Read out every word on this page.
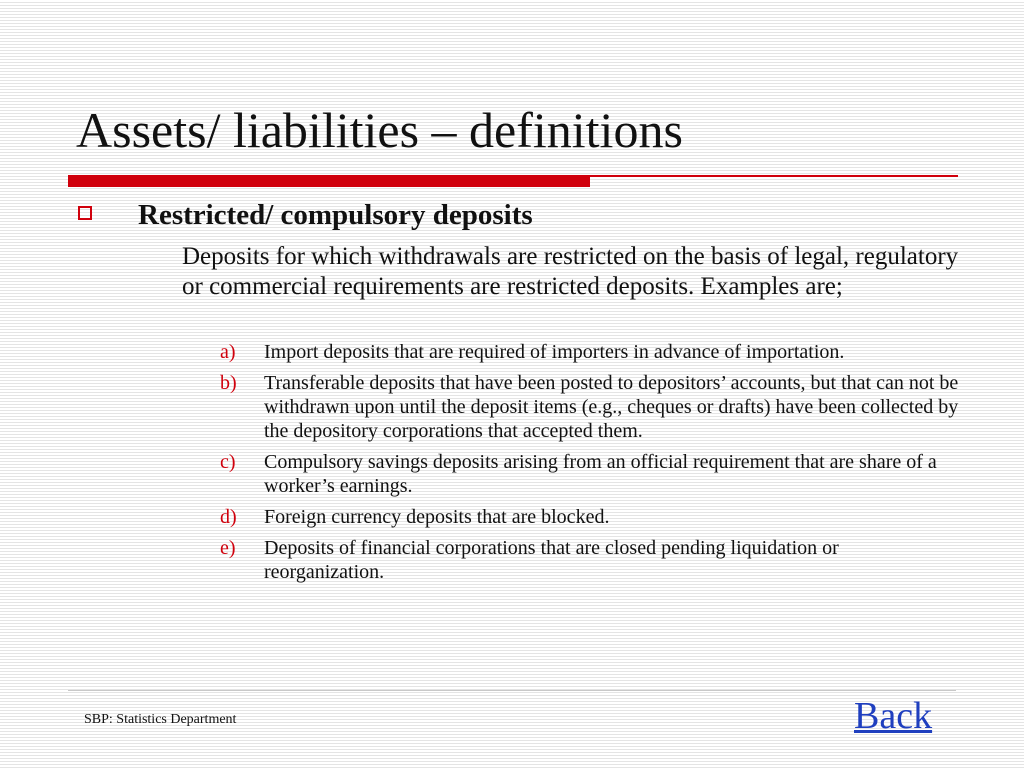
Assets/ liabilities – definitions
Restricted/ compulsory deposits

Deposits for which withdrawals are restricted on the basis of legal, regulatory or commercial requirements are restricted deposits. Examples are;

a) Import deposits that are required of importers in advance of importation.
b) Transferable deposits that have been posted to depositors’ accounts, but that can not be withdrawn upon until the deposit items (e.g., cheques or drafts) have been collected by the depository corporations that accepted them.
c) Compulsory savings deposits arising from an official requirement that are share of a worker’s earnings.
d) Foreign currency deposits that are blocked.
e) Deposits of financial corporations that are closed pending liquidation or reorganization.
SBP: Statistics Department	Back
